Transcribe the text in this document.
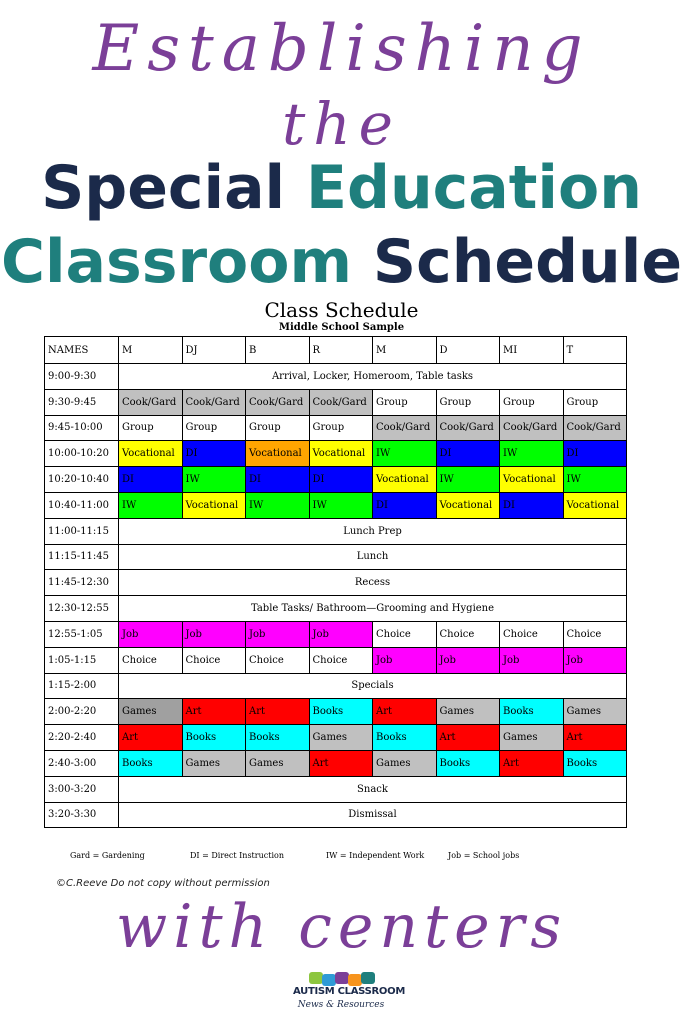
Establishing
the
Special Education
Classroom Schedule
Class Schedule
Middle School Sample
NAMES	M	DJ	B	R	M	D	MI	T
9:00-9:30	Arrival, Locker, Homeroom, Table tasks							
9:30-9:45	Cook/Gard	Cook/Gard	Cook/Gard	Cook/Gard	Group	Group	Group	Group
9:45-10:00	Group	Group	Group	Group	Cook/Gard	Cook/Gard	Cook/Gard	Cook/Gard
10:00-10:20	Vocational	DI	Vocational	Vocational	IW	DI	IW	DI
10:20-10:40	DI	IW	DI	DI	Vocational	IW	Vocational	IW
10:40-11:00	IW	Vocational	IW	IW	DI	Vocational	DI	Vocational
11:00-11:15	Lunch Prep							
11:15-11:45	Lunch							
11:45-12:30	Recess							
12:30-12:55	Table Tasks/ Bathroom—Grooming and Hygiene							
12:55-1:05	Job	Job	Job	Job	Choice	Choice	Choice	Choice
1:05-1:15	Choice	Choice	Choice	Choice	Job	Job	Job	Job
1:15-2:00	Specials							
2:00-2:20	Games	Art	Art	Books	Art	Games	Books	Games
2:20-2:40	Art	Books	Books	Games	Books	Art	Games	Art
2:40-3:00	Books	Games	Games	Art	Games	Books	Art	Books
3:00-3:20	Snack							
3:20-3:30	Dismissal							
Gard = Gardening	DI = Direct Instruction	IW = Independent Work	Job = School jobs
©C.Reeve Do not copy without permission
with centers
AUTISM CLASSROOM
News & Resources
